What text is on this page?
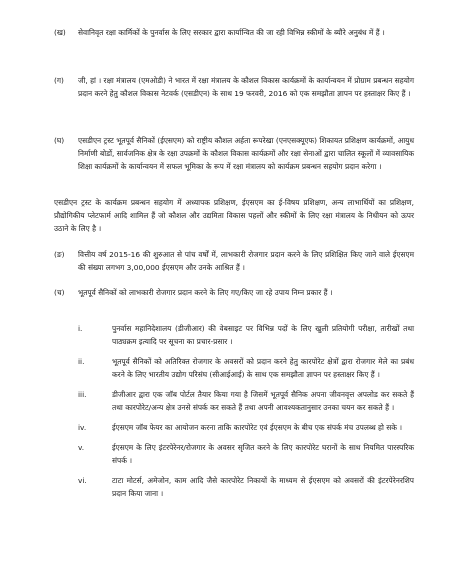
(ख)	सेवानिवृत रक्षा कार्मिकों के पुनर्वास के लिए सरकार द्वारा कार्यान्वित की जा रही विभिन्न स्कीमों के ब्यौरे अनुबंध में हैं ।
(ग)	जी, हां । रक्षा मंत्रालय (एमओडी) ने भारत में रक्षा मंत्रालय के कौशल विकास कार्यक्रमों के कार्यान्वयन में प्रोग्राम प्रबन्धन सहयोग प्रदान करने हेतु कौशल विकास नेटवर्क (एसडीएन) के साथ 19 फरवरी, 2016 को एक समझौता ज्ञापन पर हस्ताक्षर किए हैं ।
(घ)	एसडीएन ट्रस्ट भूतपूर्व सैनिकों (ईएसएम) को राष्ट्रीय कौशल अर्हता रूपरेखा (एनएसक्यूएफ) शिकायत प्रशिक्षण कार्यक्रमों, आयुध निर्माणी बोर्डो, सार्वजनिक क्षेत्र के रक्षा उपक्रमों के कौशल विकास कार्यक्रमों और रक्षा सेनाओं द्वारा चालित स्कूलों में व्यावसायिक शिक्षा कार्यक्रमों के कार्यान्वयन में सफल भूमिका के रूप में रक्षा मंत्रालय को कार्यक्रम प्रबन्धन सहयोग प्रदान करेगा ।
एसडीएन ट्रस्ट के कार्यक्रम प्रबन्धन सहयोग में अध्यापक प्रशिक्षण, ईएसएम का ई-विषय प्रशिक्षण, अन्य लाभार्थियों का प्रशिक्षण, प्रौद्योगिकीय प्लेटफार्म आदि शामिल हैं जो कौशल और उद्यमिता विकास पहलों और स्कीमों के लिए रक्षा मंत्रालय के निधीयन को ऊपर उठाने के लिए है ।
(ङ)	वित्तीय वर्ष 2015-16 की शुरुआत से पांच वर्षों में, लाभकारी रोजगार प्रदान करने के लिए प्रशिक्षित किए जाने वाले ईएसएम की संख्या लगभग 3,00,000 ईएसएम और उनके आश्रित हैं ।
(च)	भूतपूर्व सैनिकों को लाभकारी रोजगार प्रदान करने के लिए गए/किए जा रहे उपाय निम्न प्रकार हैं ।
i.	पुनर्वास महानिदेशालय (डीजीआर) की वेबसाइट पर विभिन्न पदों के लिए खुली प्रतियोगी परीक्षा, तारीखों तथा पाठ्यक्रम इत्यादि पर सूचना का प्रचार-प्रसार ।
ii.	भूतपूर्व सैनिकों को अतिरिक्त रोजगार के अवसरों को प्रदान करने हेतु कारपोरेट क्षेत्रों द्वारा रोजगार मेले का प्रबंध करने के लिए भारतीय उद्योग परिसंघ (सीआईआई) के साथ एक समझौता ज्ञापन पर हस्ताक्षर किए हैं ।
iii.	डीजीआर द्वारा एक जॉब पोर्टल तैयार किया गया है जिसमें भूतपूर्व सैनिक अपना जीवनवृत्त अपलोड कर सकते हैं तथा कारपोरेट/अन्य क्षेत्र उनसे संपर्क कर सकते हैं तथा अपनी आवश्यकतानुसार उनका चयन कर सकते हैं ।
iv.	ईएसएम जॉब फेयर का आयोजन करना ताकि कारपोरेट एवं ईएसएम के बीच एक संपर्क मंच उपलब्ध हो सके ।
v.	ईएसएम के लिए इंटरपेरेनर/रोजगार के अवसर सृजित करने के लिए कारपोरेट घरानों के साथ नियमित पारस्परिक संपर्क ।
vi.	टाटा मोटर्स, अमेजोन, काम आदि जैसे कारपोरेट निकायों के माध्यम से ईएसएम को अवसरों की इंटरपेरेनरशिप प्रदान किया जाना ।
